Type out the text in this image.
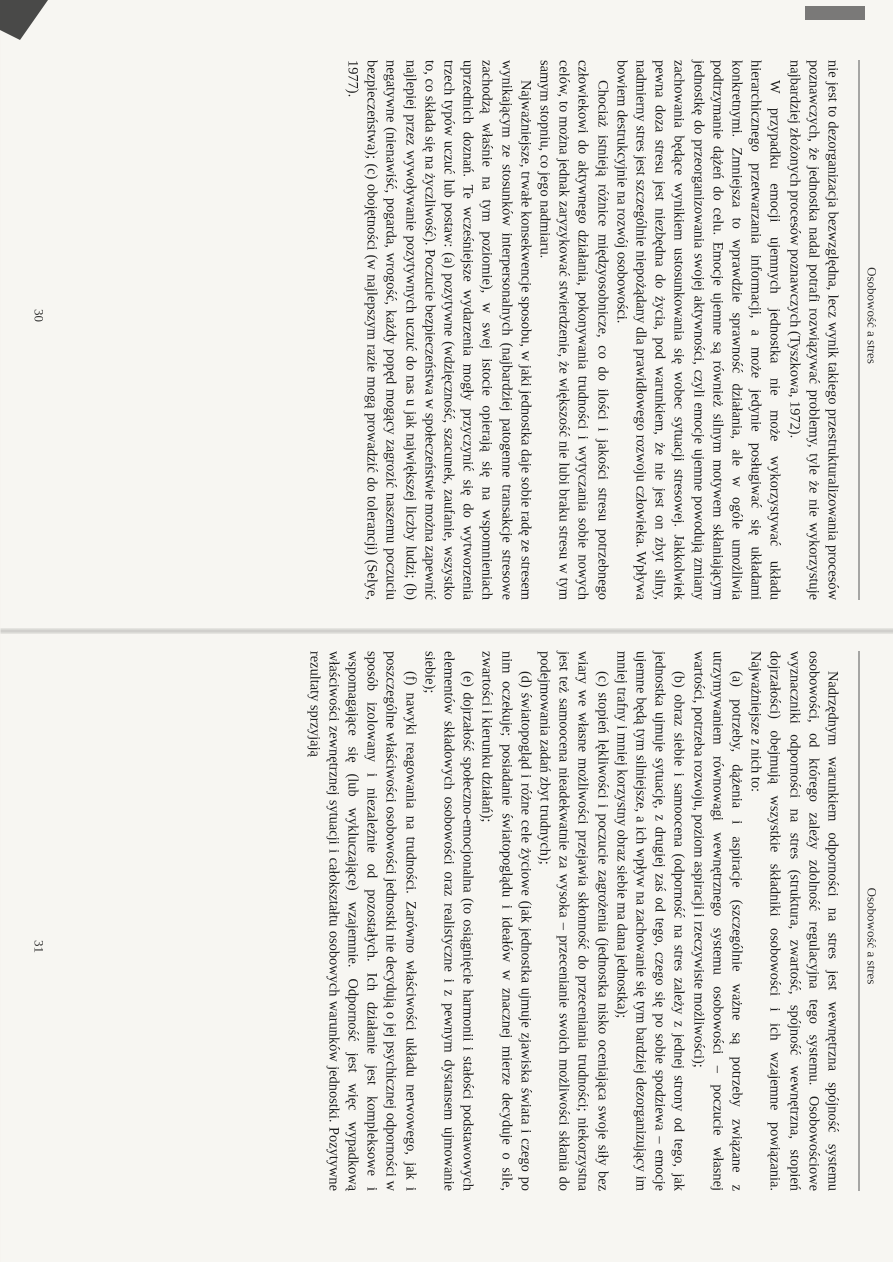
Osobowość a stres

nie jest to dezorganizacja bezwzględna, lecz wynik takiego przestrukturalizowania procesów poznawczych, że jednostka nadal potrafi rozwiązywać problemy, tyle że nie wykorzystuje najbardziej złożonych procesów poznawczych (Tyszkowa, 1972).

W przypadku emocji ujemnych jednostka nie może wykorzystywać układu hierarchicznego przetwarzania informacji, a może jedynie posługiwać się układami konkretnymi. Zmniejsza to wprawdzie sprawność działania, ale w ogóle umożliwia podtrzymanie dążeń do celu. Emocje ujemne są również silnym motywem skłaniającym jednostkę do przeorganizowania swojej aktywności, czyli emocje ujemne powodują zmiany zachowania będące wynikiem ustosunkowania się wobec sytuacji stresowej. Jakkolwiek pewna doza stresu jest niezbędna do życia, pod warunkiem, że nie jest on zbyt silny, nadmierny stres jest szczególnie niepożądany dla prawidłowego rozwoju człowieka. Wpływa bowiem destrukcyjnie na rozwój osobowości.

Chociaż istnieją różnice międzyosobnicze, co do ilości i jakości stresu potrzebnego człowiekowi do aktywnego działania, pokonywania trudności i wytyczania sobie nowych celów, to można jednak zaryzykować stwierdzenie, że większość nie lubi braku stresu w tym samym stopniu, co jego nadmiaru.

Najważniejsze, trwałe konsekwencje sposobu, w jaki jednostka daje sobie radę ze stresem wynikającym ze stosunków interpersonalnych (najbardziej patogenne transakcje stresowe zachodzą właśnie na tym poziomie), w swej istocie opierają się na wspomnieniach uprzednich doznań. Te wcześniejsze wydarzenia mogły przyczynić się do wytworzenia trzech typów uczuć lub postaw: (a) pozytywne (wdzięczność, szacunek, zaufanie, wszystko to, co składa się na życzliwość). Poczucie bezpieczeństwa w społeczeństwie można zapewnić najlepiej przez wywoływanie pozytywnych uczuć do nas u jak największej liczby ludzi; (b) negatywne (nienawiść, pogarda, wrogość, każdy popęd mogący zagrozić naszemu poczuciu bezpieczeństwa); (c) obojętności (w najlepszym razie mogą prowadzić do tolerancji) (Selye, 1977).

30
Osobowość a stres

Nadrzędnym warunkiem odporności na stres jest wewnętrzna spójność systemu osobowości, od którego zależy zdolność regulacyjna tego systemu. Osobowościowe wyznaczniki odporności na stres (struktura, zwartość, spójność wewnętrzna, stopień dojrzałości) obejmują wszystkie składniki osobowości i ich wzajemne powiązania. Najważniejsze z nich to:

(a) potrzeby, dążenia i aspiracje (szczególnie ważne są potrzeby związane z utrzymywaniem równowagi wewnętrznego systemu osobowości – poczucie własnej wartości, potrzeba rozwoju, poziom aspiracji i rzeczywiste możliwości);

(b) obraz siebie i samoocena (odporność na stres zależy z jednej strony od tego, jak jednostka ujmuje sytuację, z drugiej zaś od tego, czego się po sobie spodziewa – emocje ujemne będą tym silniejsze, a ich wpływ na zachowanie się tym bardziej dezorganizujący im mniej trafny i mniej korzystny obraz siebie ma dana jednostka);

(c) stopień lękliwości i poczucie zagrożenia (jednostka nisko oceniająca swoje siły bez wiary we własne możliwości przejawia skłonność do przeceniania trudności; niekorzystna jest też samoocena nieadekwatnie za wysoka – przecenianie swoich możliwości skłania do podejmowania zadań zbyt trudnych);

(d) światopogląd i różne cele życiowe (jak jednostka ujmuje zjawiska świata i czego po nim oczekuje; posiadanie światopoglądu i ideałów w znacznej mierze decyduje o sile, zwartości i kierunku działań);

(e) dojrzałość społeczno-emocjonalna (to osiągnięcie harmonii i stałości podstawowych elementów składowych osobowości oraz realistyczne i z pewnym dystansem ujmowanie siebie);

(f) nawyki reagowania na trudności. Zarówno właściwości układu nerwowego, jak i poszczególne właściwości osobowości jednostki nie decydują o jej psychicznej odporności w sposób izolowany i niezależnie od pozostałych. Ich działanie jest kompleksowe i wspomagające się (lub wykluczające) wzajemnie. Odporność jest więc wypadkową właściwości zewnętrznej sytuacji i całokształtu osobowych warunków jednostki. Pozytywne rezultaty sprzyjają

31
